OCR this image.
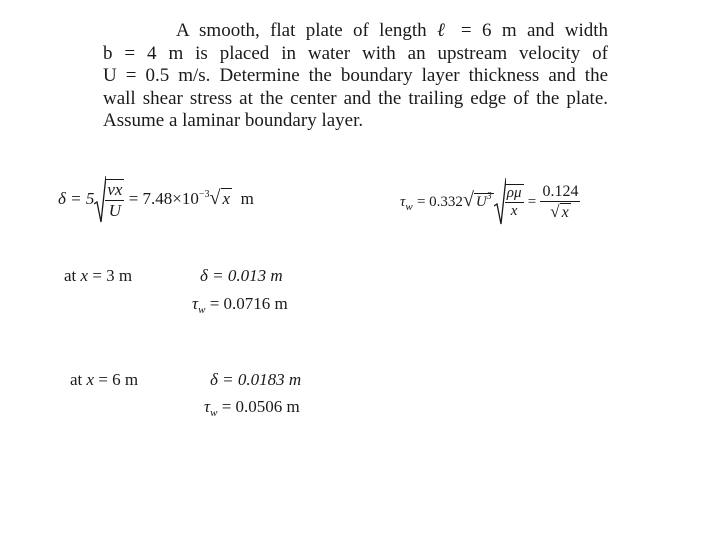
A smooth, flat plate of length ℓ = 6 m and width
b = 4 m is placed in water with an upstream velocity of
U = 0.5 m/s. Determine the boundary layer thickness and the
wall shear stress at the center and the trailing edge of the plate.
Assume a laminar boundary layer.
$\delta = 5 \frac{\nu x}{U} = 7.48\times 10^{-3}√$ x m	$\tau_w = 0.332√$ $U^3 \frac{\rho\mu}{x} = \frac{0.124}{√ x}$
at x = 3 m	δ = 0.013 m
$\tau_w = 0.0716$ m
at x = 6 m	δ = 0.0183 m
$\tau_w = 0.0506$ m
